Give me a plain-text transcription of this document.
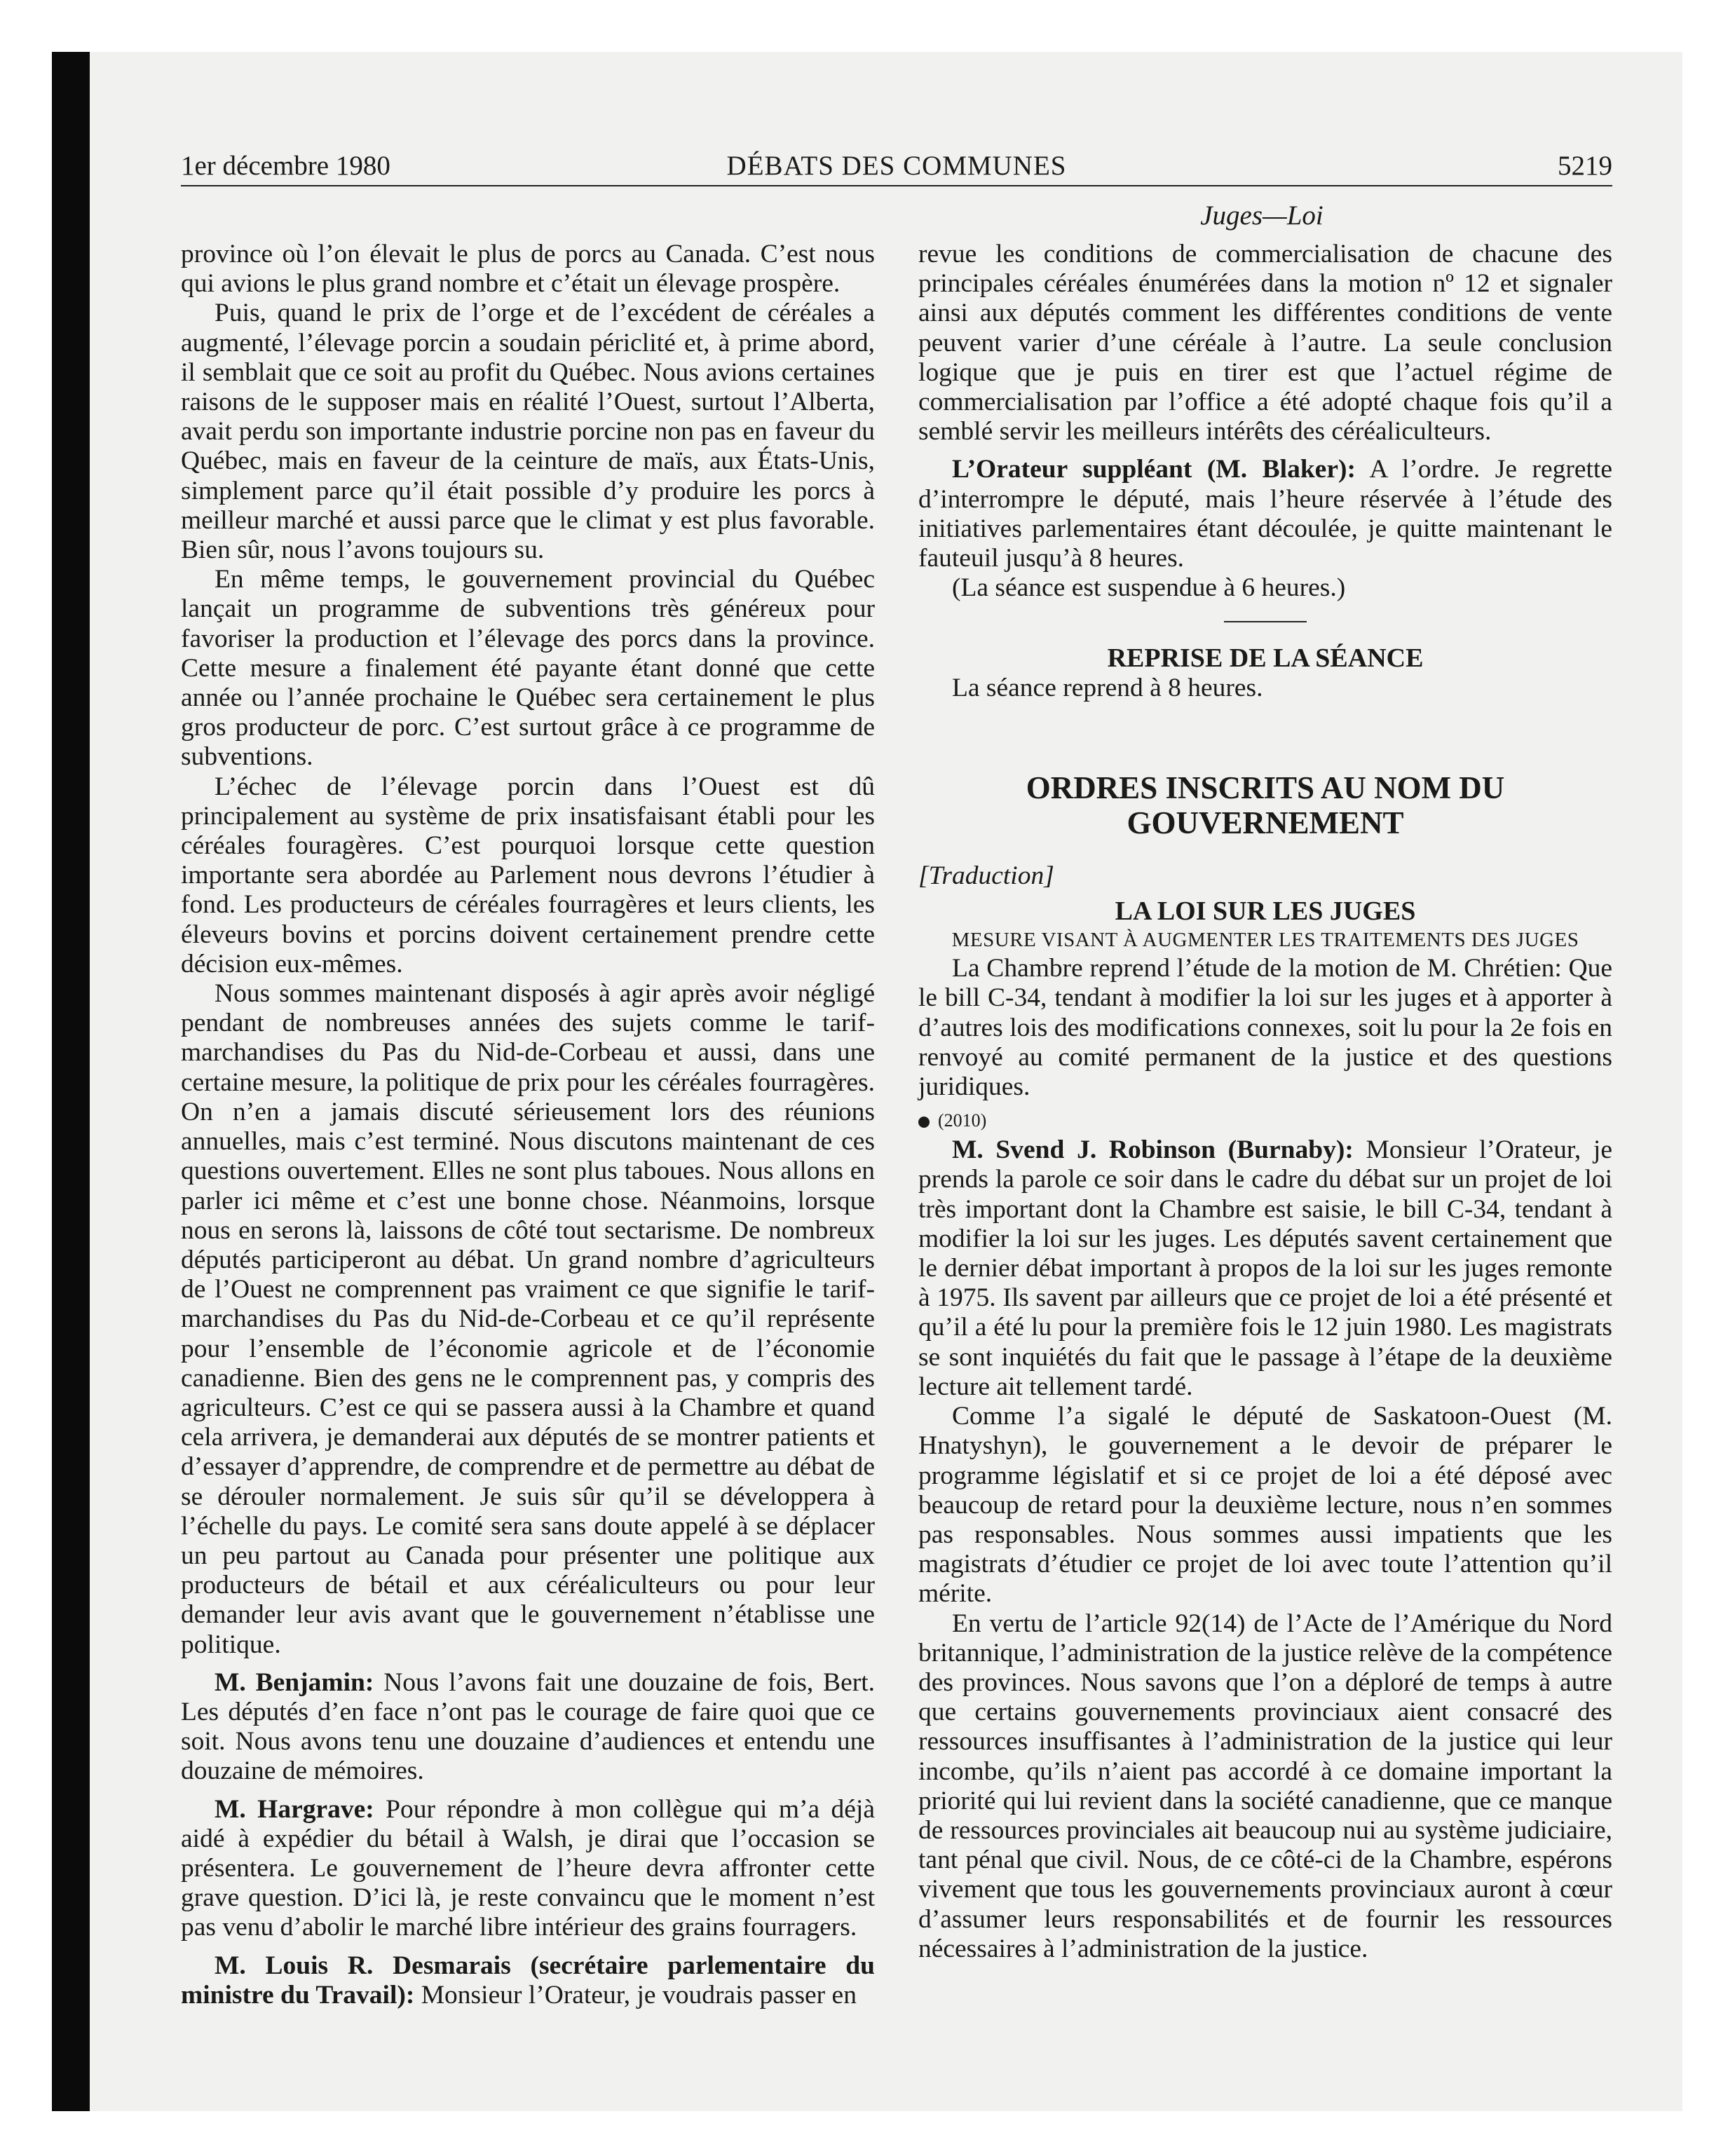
1er décembre 1980	DÉBATS DES COMMUNES	5219
Juges—Loi

province où l’on élevait le plus de porcs au Canada. C’est nous qui avions le plus grand nombre et c’était un élevage prospère.

Puis, quand le prix de l’orge et de l’excédent de céréales a augmenté, l’élevage porcin a soudain périclité et, à prime abord, il semblait que ce soit au profit du Québec. Nous avions certaines raisons de le supposer mais en réalité l’Ouest, surtout l’Alberta, avait perdu son importante industrie porcine non pas en faveur du Québec, mais en faveur de la ceinture de maïs, aux États-Unis, simplement parce qu’il était possible d’y produire les porcs à meilleur marché et aussi parce que le climat y est plus favorable. Bien sûr, nous l’avons toujours su.

En même temps, le gouvernement provincial du Québec lançait un programme de subventions très généreux pour favoriser la production et l’élevage des porcs dans la province. Cette mesure a finalement été payante étant donné que cette année ou l’année prochaine le Québec sera certainement le plus gros producteur de porc. C’est surtout grâce à ce programme de subventions.

L’échec de l’élevage porcin dans l’Ouest est dû principalement au système de prix insatisfaisant établi pour les céréales fouragères. C’est pourquoi lorsque cette question importante sera abordée au Parlement nous devrons l’étudier à fond. Les producteurs de céréales fourragères et leurs clients, les éleveurs bovins et porcins doivent certainement prendre cette décision eux-mêmes.

Nous sommes maintenant disposés à agir après avoir négligé pendant de nombreuses années des sujets comme le tarif-marchandises du Pas du Nid-de-Corbeau et aussi, dans une certaine mesure, la politique de prix pour les céréales fourragères. On n’en a jamais discuté sérieusement lors des réunions annuelles, mais c’est terminé. Nous discutons maintenant de ces questions ouvertement. Elles ne sont plus taboues. Nous allons en parler ici même et c’est une bonne chose. Néanmoins, lorsque nous en serons là, laissons de côté tout sectarisme. De nombreux députés participeront au débat. Un grand nombre d’agriculteurs de l’Ouest ne comprennent pas vraiment ce que signifie le tarif-marchandises du Pas du Nid-de-Corbeau et ce qu’il représente pour l’ensemble de l’économie agricole et de l’économie canadienne. Bien des gens ne le comprennent pas, y compris des agriculteurs. C’est ce qui se passera aussi à la Chambre et quand cela arrivera, je demanderai aux députés de se montrer patients et d’essayer d’apprendre, de comprendre et de permettre au débat de se dérouler normalement. Je suis sûr qu’il se développera à l’échelle du pays. Le comité sera sans doute appelé à se déplacer un peu partout au Canada pour présenter une politique aux producteurs de bétail et aux céréaliculteurs ou pour leur demander leur avis avant que le gouvernement n’établisse une politique.

M. Benjamin: Nous l’avons fait une douzaine de fois, Bert. Les députés d’en face n’ont pas le courage de faire quoi que ce soit. Nous avons tenu une douzaine d’audiences et entendu une douzaine de mémoires.

M. Hargrave: Pour répondre à mon collègue qui m’a déjà aidé à expédier du bétail à Walsh, je dirai que l’occasion se présentera. Le gouvernement de l’heure devra affronter cette grave question. D’ici là, je reste convaincu que le moment n’est pas venu d’abolir le marché libre intérieur des grains fourragers.

M. Louis R. Desmarais (secrétaire parlementaire du ministre du Travail): Monsieur l’Orateur, je voudrais passer en

revue les conditions de commercialisation de chacune des principales céréales énumérées dans la motion nº 12 et signaler ainsi aux députés comment les différentes conditions de vente peuvent varier d’une céréale à l’autre. La seule conclusion logique que je puis en tirer est que l’actuel régime de commercialisation par l’office a été adopté chaque fois qu’il a semblé servir les meilleurs intérêts des céréaliculteurs.

L’Orateur suppléant (M. Blaker): A l’ordre. Je regrette d’interrompre le député, mais l’heure réservée à l’étude des initiatives parlementaires étant découlée, je quitte maintenant le fauteuil jusqu’à 8 heures.

(La séance est suspendue à 6 heures.)

REPRISE DE LA SÉANCE

La séance reprend à 8 heures.

ORDRES INSCRITS AU NOM DU
GOUVERNEMENT
[Traduction]
LA LOI SUR LES JUGES
MESURE VISANT À AUGMENTER LES TRAITEMENTS DES JUGES

La Chambre reprend l’étude de la motion de M. Chrétien: Que le bill C-34, tendant à modifier la loi sur les juges et à apporter à d’autres lois des modifications connexes, soit lu pour la 2e fois en renvoyé au comité permanent de la justice et des questions juridiques.

(2010)

M. Svend J. Robinson (Burnaby): Monsieur l’Orateur, je prends la parole ce soir dans le cadre du débat sur un projet de loi très important dont la Chambre est saisie, le bill C-34, tendant à modifier la loi sur les juges. Les députés savent certainement que le dernier débat important à propos de la loi sur les juges remonte à 1975. Ils savent par ailleurs que ce projet de loi a été présenté et qu’il a été lu pour la première fois le 12 juin 1980. Les magistrats se sont inquiétés du fait que le passage à l’étape de la deuxième lecture ait tellement tardé.

Comme l’a sigalé le député de Saskatoon-Ouest (M. Hnatyshyn), le gouvernement a le devoir de préparer le programme législatif et si ce projet de loi a été déposé avec beaucoup de retard pour la deuxième lecture, nous n’en sommes pas responsables. Nous sommes aussi impatients que les magistrats d’étudier ce projet de loi avec toute l’attention qu’il mérite.

En vertu de l’article 92(14) de l’Acte de l’Amérique du Nord britannique, l’administration de la justice relève de la compétence des provinces. Nous savons que l’on a déploré de temps à autre que certains gouvernements provinciaux aient consacré des ressources insuffisantes à l’administration de la justice qui leur incombe, qu’ils n’aient pas accordé à ce domaine important la priorité qui lui revient dans la société canadienne, que ce manque de ressources provinciales ait beaucoup nui au système judiciaire, tant pénal que civil. Nous, de ce côté-ci de la Chambre, espérons vivement que tous les gouvernements provinciaux auront à cœur d’assumer leurs responsabilités et de fournir les ressources nécessaires à l’administration de la justice.
